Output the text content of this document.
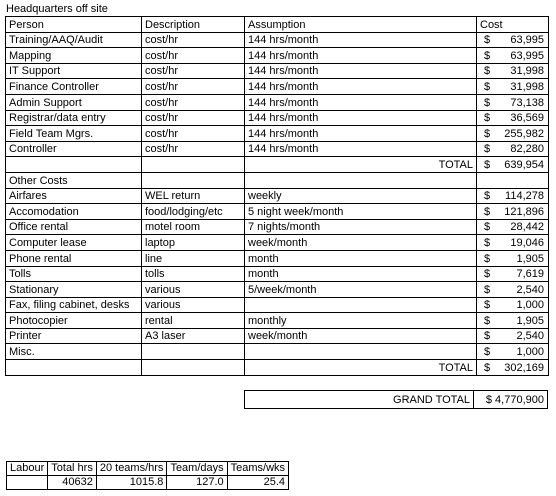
Headquarters off site
Person	Description	Assumption	Cost
Training/AAQ/Audit	cost/hr	144 hrs/month	$ 63,995

Mapping	cost/hr	144 hrs/month	$ 63,995

IT Support	cost/hr	144 hrs/month	$ 31,998

Finance Controller	cost/hr	144 hrs/month	$ 31,998

Admin Support	cost/hr	144 hrs/month	$ 73,138

Registrar/data entry	cost/hr	144 hrs/month	$ 36,569

Field Team Mgrs.	cost/hr	144 hrs/month	$ 255,982

Controller	cost/hr	144 hrs/month	$ 82,280

		TOTAL	$ 639,954

Other Costs			
Airfares	WEL return	weekly	$ 114,278

Accomodation	food/lodging/etc	5 night week/month	$ 121,896

Office rental	motel room	7 nights/month	$ 28,442

Computer lease	laptop	week/month	$ 19,046

Phone rental	line	month	$ 1,905

Tolls	tolls	month	$ 7,619

Stationary	various	5/week/month	$ 2,540

Fax, filing cabinet, desks	various		$ 1,000

Photocopier	rental	monthly	$ 1,905

Printer	A3 laser	week/month	$ 2,540

Misc.			$ 1,000

		TOTAL	$ 302,169
GRAND TOTAL	$ 4,770,900
Labour	Total hrs	20 teams/hrs	Team/days	Teams/wks
	40632	1015.8	127.0	25.4
